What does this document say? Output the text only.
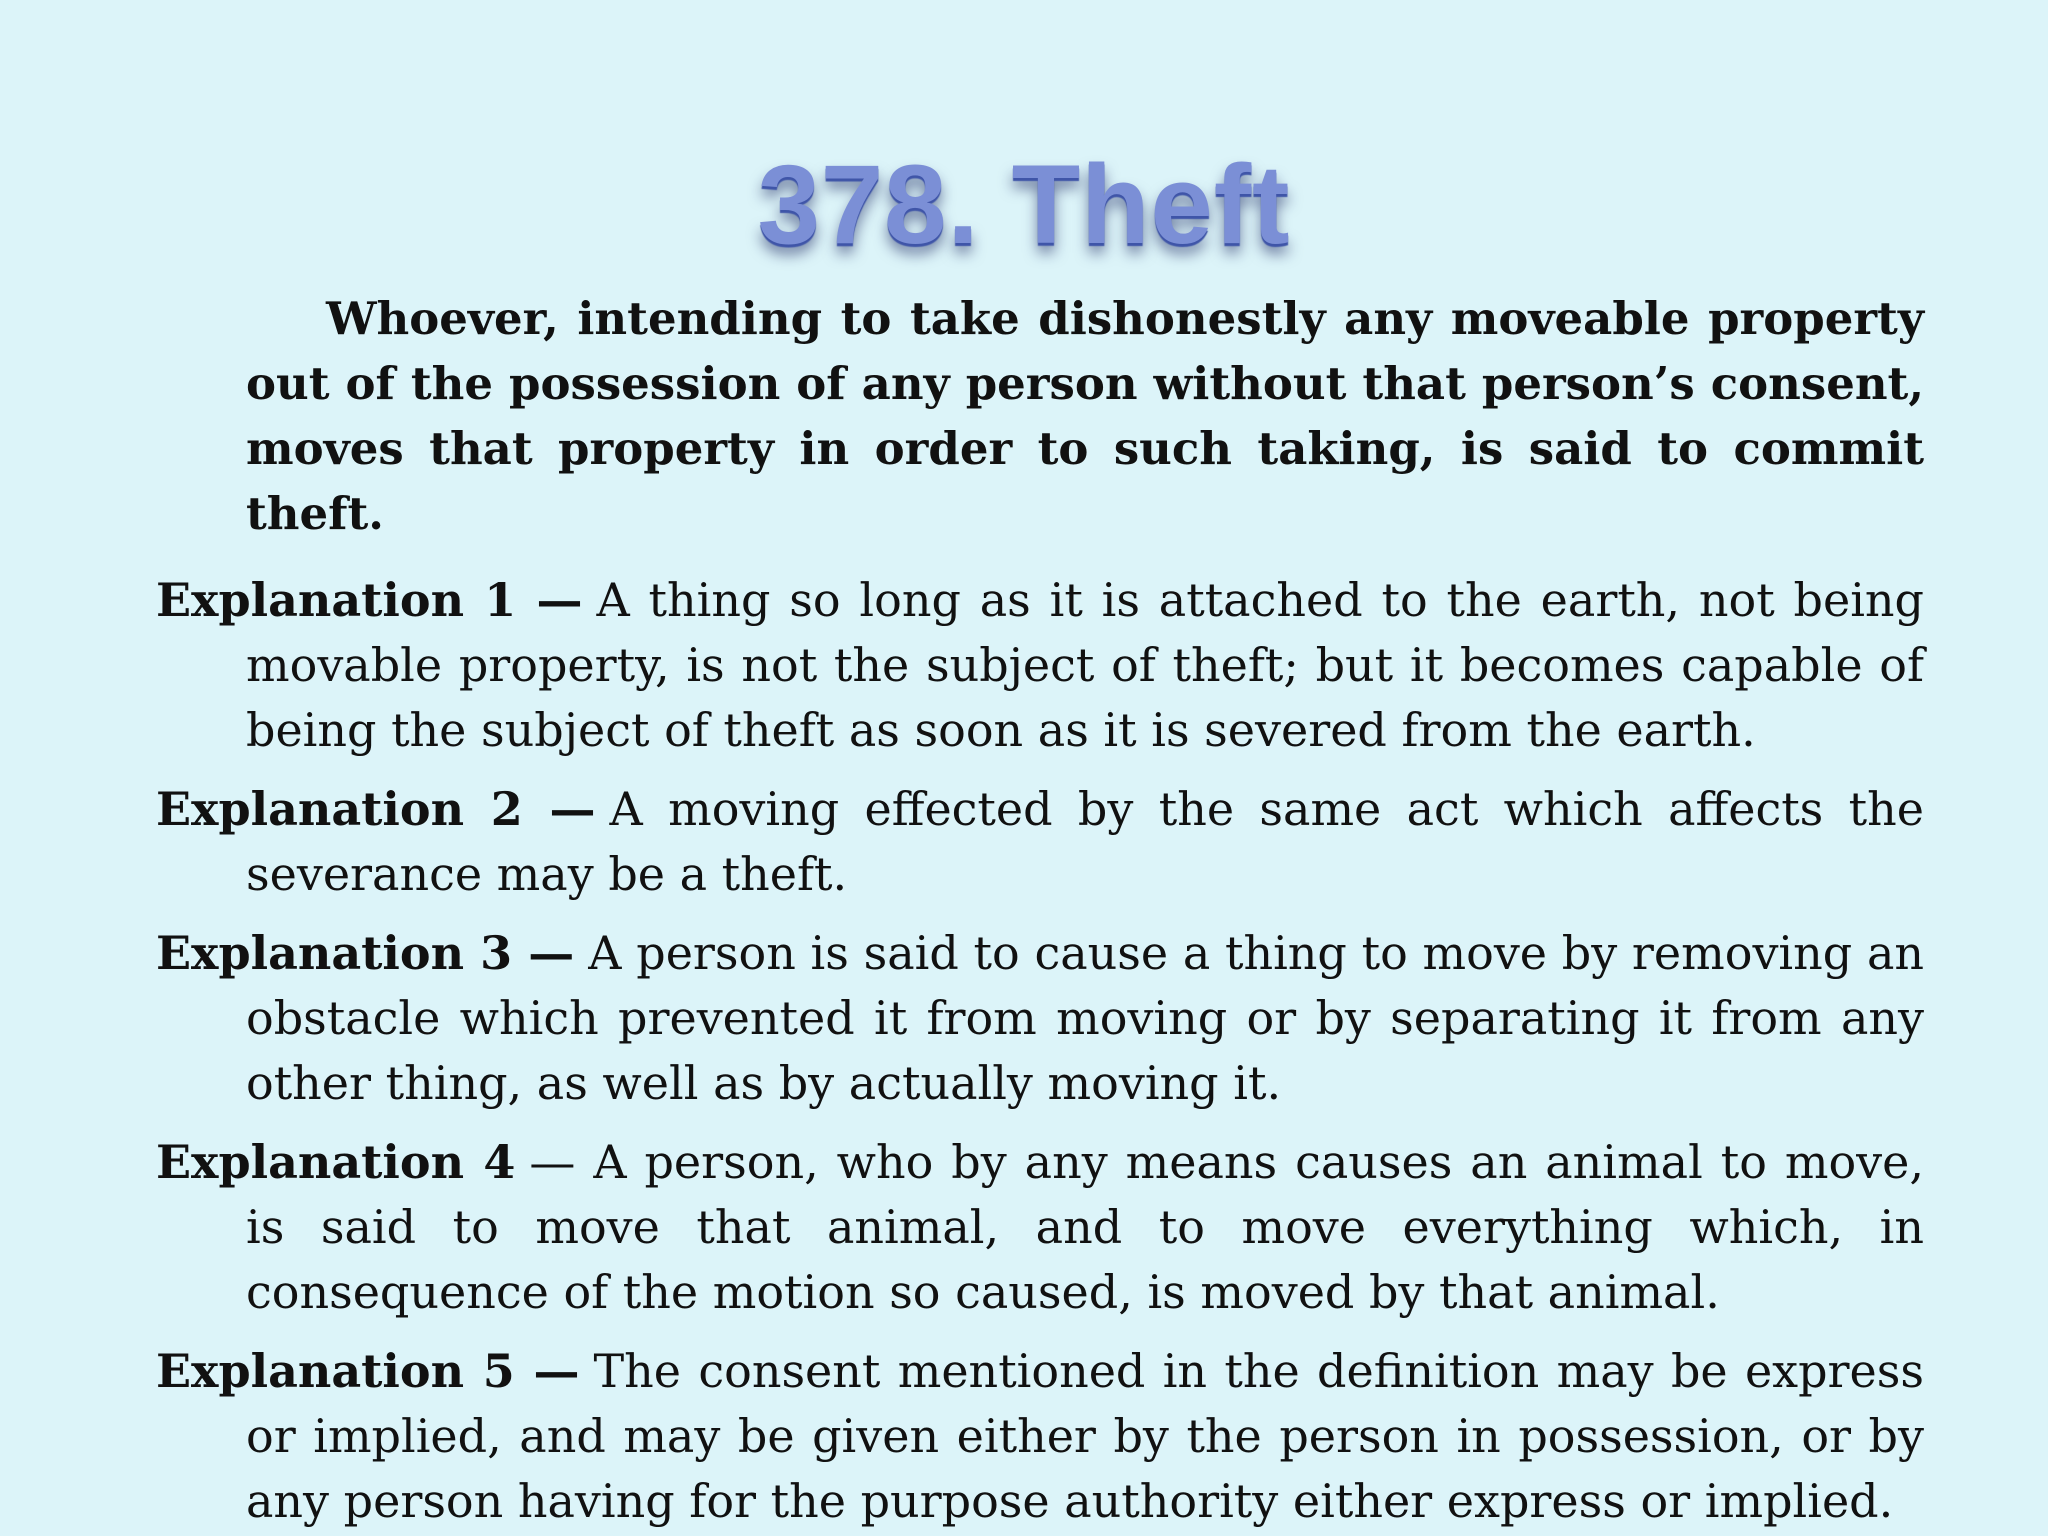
378. Theft

Whoever, intending to take dishonestly any moveable property out of the possession of any person without that person’s consent, moves that property in order to such taking, is said to commit theft.

Explanation 1 — A thing so long as it is attached to the earth, not being movable property, is not the subject of theft; but it becomes capable of being the subject of theft as soon as it is severed from the earth.

Explanation 2 — A moving effected by the same act which affects the severance may be a theft.

Explanation 3 — A person is said to cause a thing to move by removing an obstacle which prevented it from moving or by separating it from any other thing, as well as by actually moving it.

Explanation 4 — A person, who by any means causes an animal to move, is said to move that animal, and to move everything which, in consequence of the motion so caused, is moved by that animal.

Explanation 5 — The consent mentioned in the definition may be express or implied, and may be given either by the person in possession, or by any person having for the purpose authority either express or implied.
